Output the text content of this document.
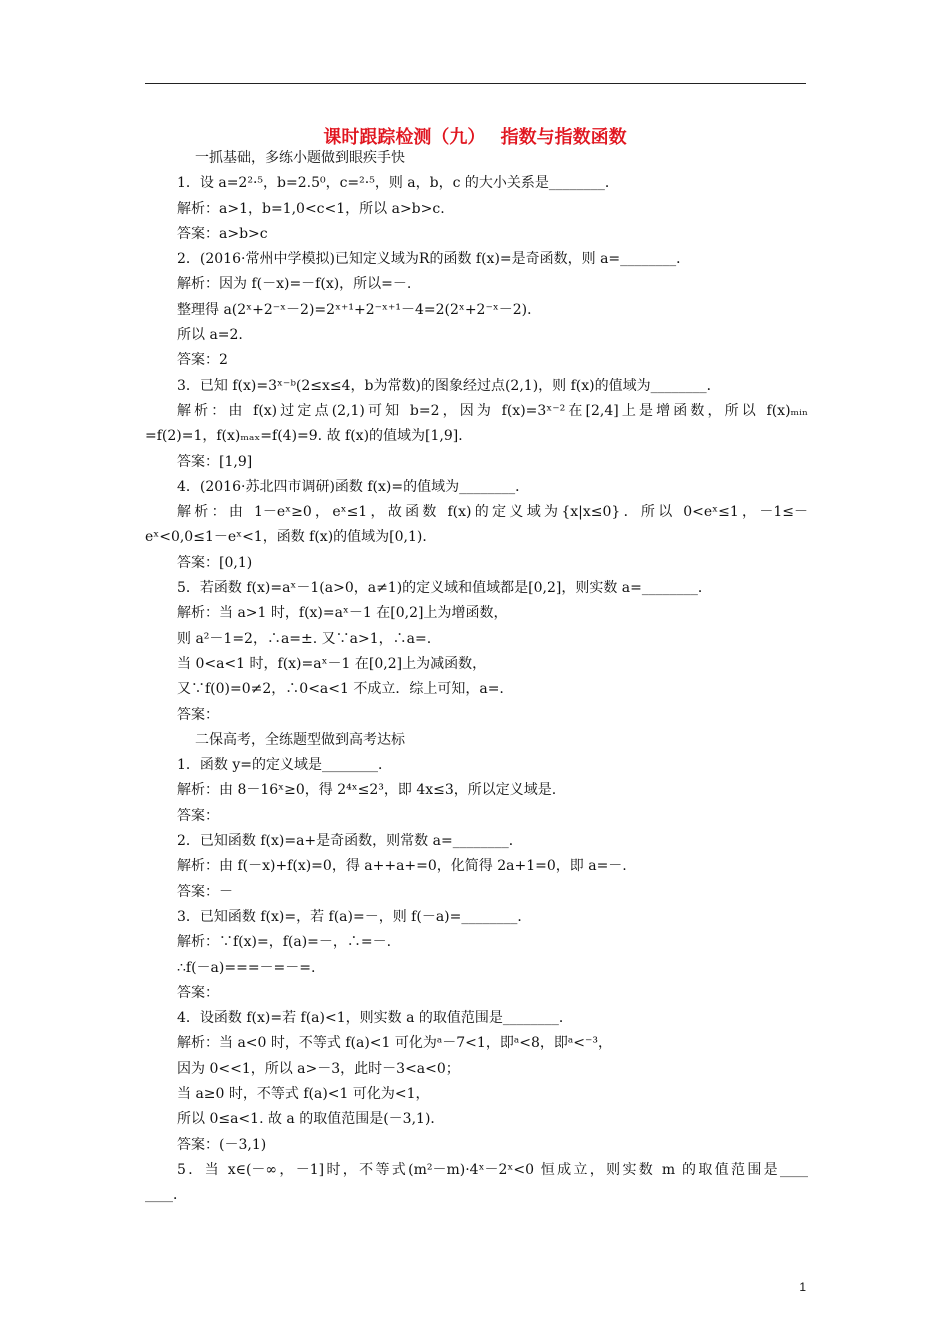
课时跟踪检测（九）　 指数与指数函数
一抓基础，多练小题做到眼疾手快
1．设 a=2²·⁵，b=2.5⁰，c=²·⁵，则 a，b，c 的大小关系是________．
解析：a>1，b=1,0<c<1，所以 a>b>c.
答案：a>b>c
2．(2016·常州中学模拟)已知定义域为R的函数 f(x)=是奇函数，则 a=________．
解析：因为 f(－x)=－f(x)，所以=－.
整理得 a(2ˣ+2⁻ˣ－2)=2ˣ⁺¹+2⁻ˣ⁺¹－4=2(2ˣ+2⁻ˣ－2)．
所以 a=2.
答案：2
3．已知 f(x)=3ˣ⁻ᵇ(2≤x≤4，b为常数)的图象经过点(2,1)，则 f(x)的值域为________．
解析：由 f(x)过定点(2,1)可知 b=2，因为 f(x)=3ˣ⁻²在[2,4]上是增函数，所以 f(x)ₘᵢₙ
=f(2)=1，f(x)ₘₐₓ=f(4)=9. 故 f(x)的值域为[1,9]．
答案：[1,9]
4．(2016·苏北四市调研)函数 f(x)=的值域为________．
解析：由 1－eˣ≥0，eˣ≤1，故函数 f(x)的定义域为{x|x≤0}．所以 0<eˣ≤1，－1≤－
eˣ<0,0≤1－eˣ<1，函数 f(x)的值域为[0,1)．
答案：[0,1)
5．若函数 f(x)=aˣ－1(a>0，a≠1)的定义域和值域都是[0,2]，则实数 a=________．
解析：当 a>1 时，f(x)=aˣ－1 在[0,2]上为增函数，
则 a²－1=2，∴a=±. 又∵a>1，∴a=.
当 0<a<1 时，f(x)=aˣ－1 在[0,2]上为减函数，
又∵f(0)=0≠2，∴0<a<1 不成立．综上可知，a=.
答案：
二保高考，全练题型做到高考达标
1．函数 y=的定义域是________．
解析：由 8－16ˣ≥0，得 2⁴ˣ≤2³，即 4x≤3，所以定义域是.
答案：
2．已知函数 f(x)=a+是奇函数，则常数 a=________．
解析：由 f(－x)+f(x)=0，得 a++a+=0，化简得 2a+1=0，即 a=－.
答案：－
3．已知函数 f(x)=，若 f(a)=－，则 f(－a)=________．
解析：∵f(x)=，f(a)=－，∴=－.
∴f(－a)===－=－=.
答案：
4．设函数 f(x)=若 f(a)<1，则实数 a 的取值范围是________．
解析：当 a<0 时，不等式 f(a)<1 可化为ᵃ－7<1，即ᵃ<8，即ᵃ<⁻³，
因为 0<<1，所以 a>－3，此时－3<a<0；
当 a≥0 时，不等式 f(a)<1 可化为<1，
所以 0≤a<1. 故 a 的取值范围是(－3,1)．
答案：(－3,1)
5．当 x∈(－∞，－1]时，不等式(m²－m)·4ˣ－2ˣ<0 恒成立，则实数 m 的取值范围是____
____．
1
